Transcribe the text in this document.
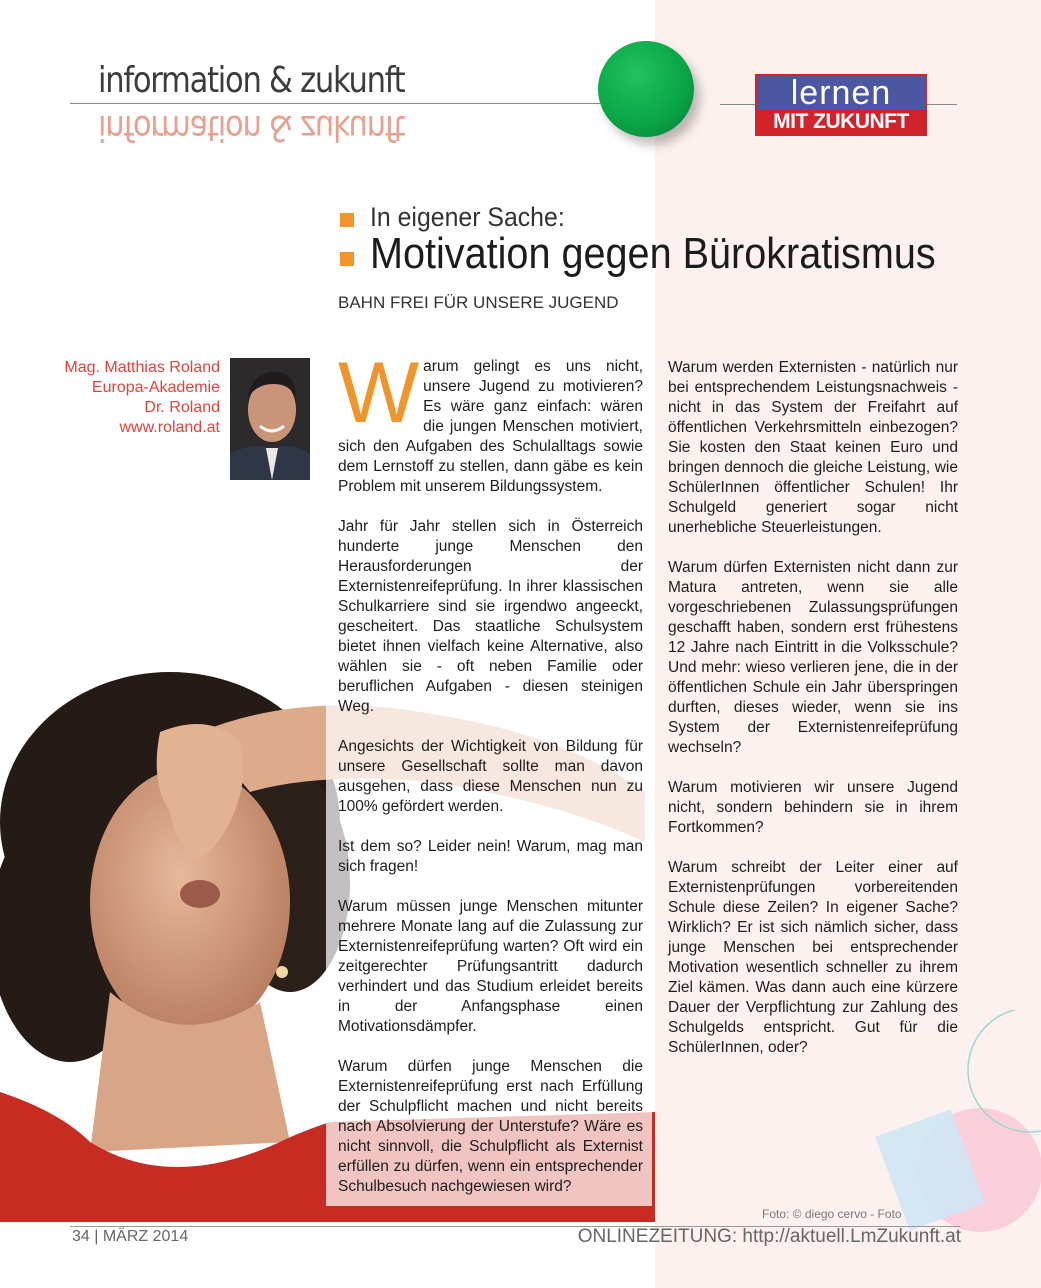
information & zukunft
information & zukunft
lernen
MIT ZUKUNFT
In eigener Sache:
Motivation gegen Bürokratismus
BAHN FREI FÜR UNSERE JUGEND
Mag. Matthias Roland
Europa-Akademie
Dr. Roland
www.roland.at Warum gelingt es uns nicht, unsere Jugend zu motivieren? Es wäre ganz einfach: wären die jungen Menschen motiviert, sich den Aufgaben des Schulalltags sowie dem Lernstoff zu stellen, dann gäbe es kein Problem mit unserem Bildungssystem.

Jahr für Jahr stellen sich in Österreich hunderte junge Menschen den Herausforderungen der Externistenreifeprüfung. In ihrer klassischen Schulkarriere sind sie irgendwo angeeckt, gescheitert. Das staatliche Schulsystem bietet ihnen vielfach keine Alternative, also wählen sie - oft neben Familie oder beruflichen Aufgaben - diesen steinigen Weg.

Angesichts der Wichtigkeit von Bildung für unsere Gesellschaft sollte man davon ausgehen, dass diese Menschen nun zu 100% gefördert werden.

Ist dem so? Leider nein! Warum, mag man sich fragen!

Warum müssen junge Menschen mitunter mehrere Monate lang auf die Zulassung zur Externistenreifeprüfung warten? Oft wird ein zeitgerechter Prüfungsantritt dadurch verhindert und das Studium erleidet bereits in der Anfangsphase einen Motivationsdämpfer.

Warum dürfen junge Menschen die Externistenreifeprüfung erst nach Erfüllung der Schulpflicht machen und nicht bereits nach Absolvierung der Unterstufe? Wäre es nicht sinnvoll, die Schulpflicht als Externist erfüllen zu dürfen, wenn ein entsprechender Schulbesuch nachgewiesen wird?

Warum werden Externisten - natürlich nur bei entsprechendem Leistungsnachweis - nicht in das System der Freifahrt auf öffentlichen Verkehrsmitteln einbezogen? Sie kosten den Staat keinen Euro und bringen dennoch die gleiche Leistung, wie SchülerInnen öffentlicher Schulen! Ihr Schulgeld generiert sogar nicht unerhebliche Steuerleistungen.

Warum dürfen Externisten nicht dann zur Matura antreten, wenn sie alle vorgeschriebenen Zulassungsprüfungen geschafft haben, sondern erst frühestens 12 Jahre nach Eintritt in die Volksschule? Und mehr: wieso verlieren jene, die in der öffentlichen Schule ein Jahr überspringen durften, dieses wieder, wenn sie ins System der Externistenreifeprüfung wechseln?

Warum motivieren wir unsere Jugend nicht, sondern behindern sie in ihrem Fortkommen?

Warum schreibt der Leiter einer auf Externistenprüfungen vorbereitenden Schule diese Zeilen? In eigener Sache? Wirklich? Er ist sich nämlich sicher, dass junge Menschen bei entsprechender Motivation wesentlich schneller zu ihrem Ziel kämen. Was dann auch eine kürzere Dauer der Verpflichtung zur Zahlung des Schulgelds entspricht. Gut für die SchülerInnen, oder?

Foto: © diego cervo - Foto
34 | MÄRZ 2014	ONLINEZEITUNG: http://aktuell.LmZukunft.at
